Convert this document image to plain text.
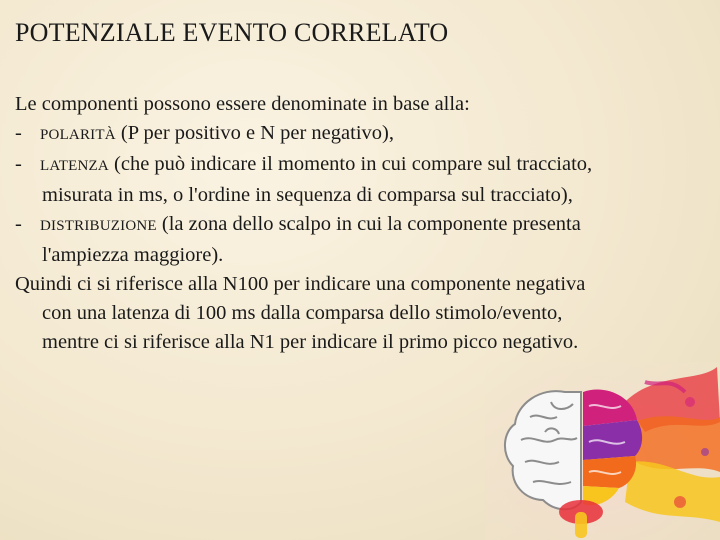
POTENZIALE EVENTO CORRELATO
Le componenti possono essere denominate in base alla:
- POLARITÀ (P per positivo e N per negativo),
- LATENZA (che può indicare il momento in cui compare sul tracciato,
misurata in ms, o l'ordine in sequenza di comparsa sul tracciato),
- DISTRIBUZIONE (la zona dello scalpo in cui la componente presenta
l'ampiezza maggiore).
Quindi ci si riferisce alla N100 per indicare una componente negativa
con una latenza di 100 ms dalla comparsa dello stimolo/evento,
mentre ci si riferisce alla N1 per indicare il primo picco negativo.
